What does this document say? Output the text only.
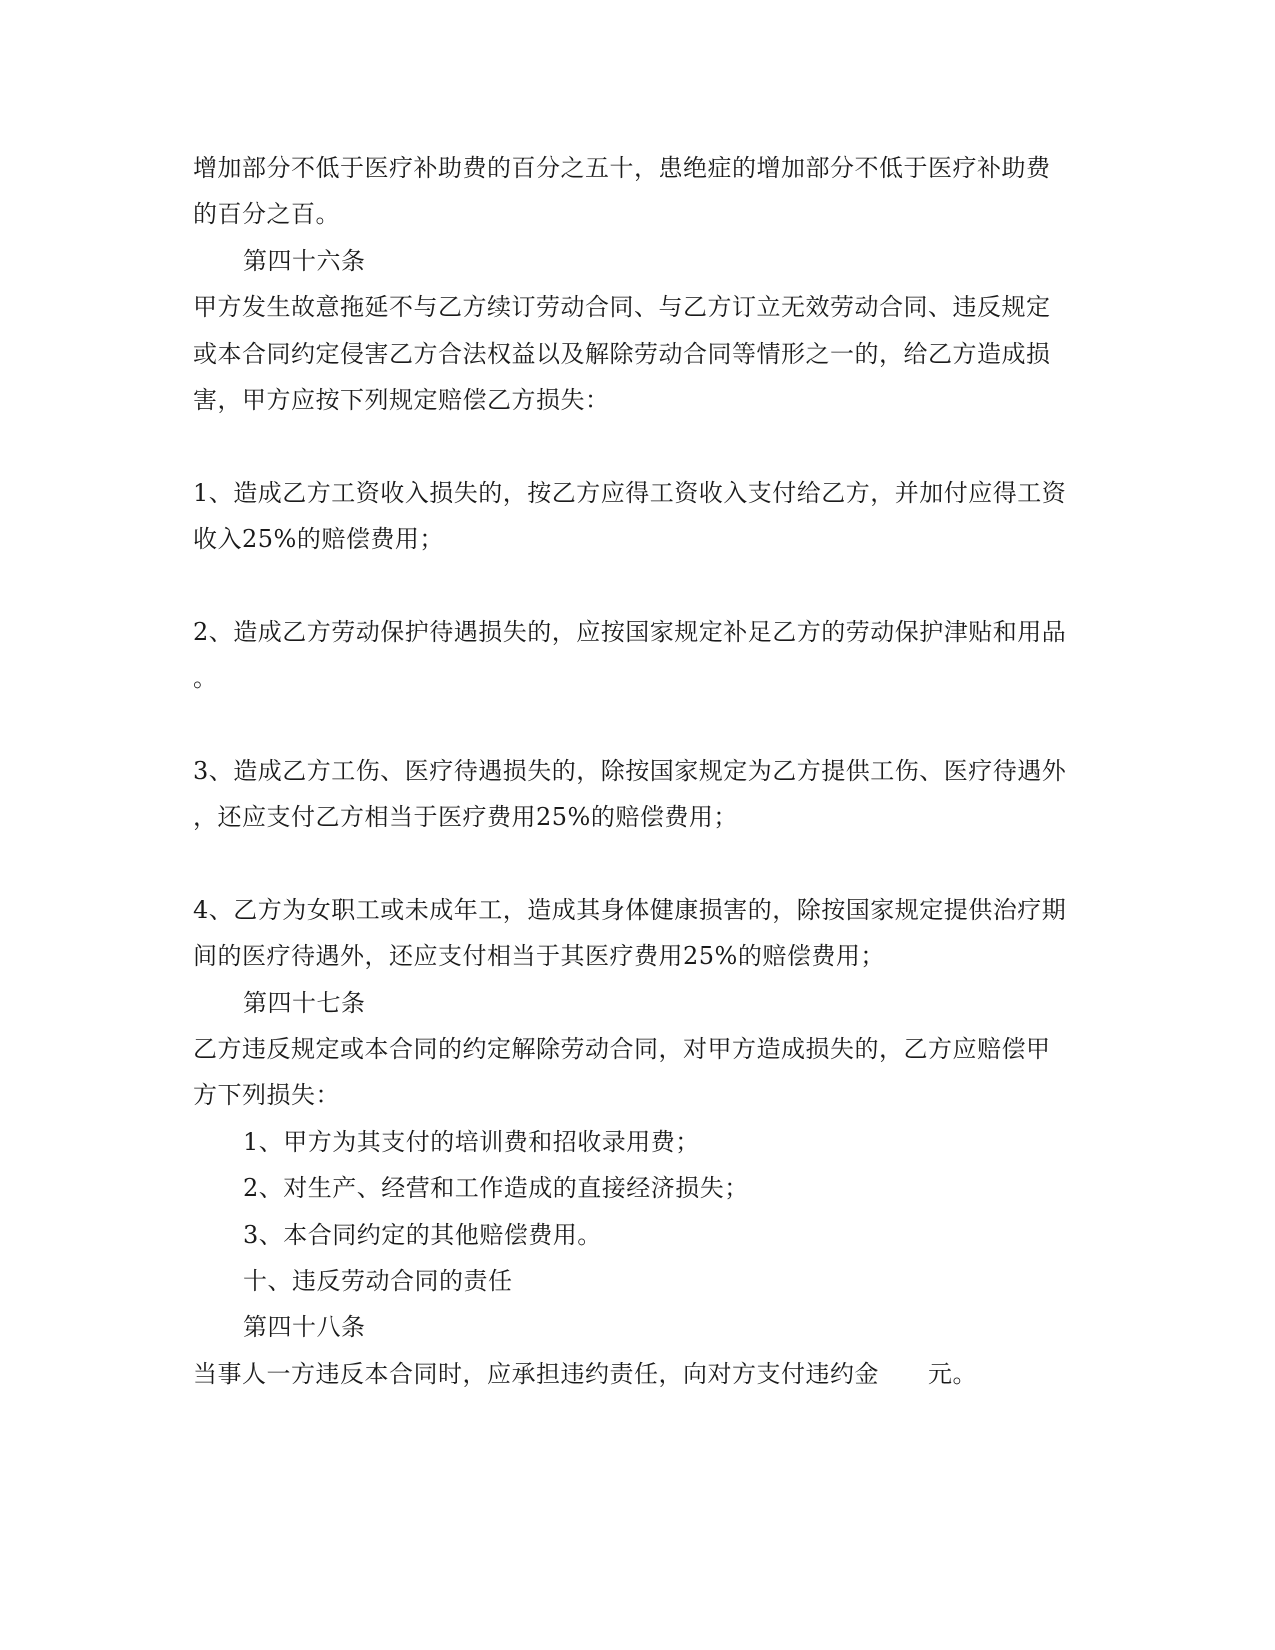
增加部分不低于医疗补助费的百分之五十，患绝症的增加部分不低于医疗补助费
的百分之百。
第四十六条
甲方发生故意拖延不与乙方续订劳动合同、与乙方订立无效劳动合同、违反规定
或本合同约定侵害乙方合法权益以及解除劳动合同等情形之一的，给乙方造成损
害，甲方应按下列规定赔偿乙方损失：
1、造成乙方工资收入损失的，按乙方应得工资收入支付给乙方，并加付应得工资
收入25%的赔偿费用；
2、造成乙方劳动保护待遇损失的，应按国家规定补足乙方的劳动保护津贴和用品
。
3、造成乙方工伤、医疗待遇损失的，除按国家规定为乙方提供工伤、医疗待遇外
，还应支付乙方相当于医疗费用25%的赔偿费用；
4、乙方为女职工或未成年工，造成其身体健康损害的，除按国家规定提供治疗期
间的医疗待遇外，还应支付相当于其医疗费用25%的赔偿费用；
第四十七条
乙方违反规定或本合同的约定解除劳动合同，对甲方造成损失的，乙方应赔偿甲
方下列损失：
1、甲方为其支付的培训费和招收录用费；
2、对生产、经营和工作造成的直接经济损失；
3、本合同约定的其他赔偿费用。
十、违反劳动合同的责任
第四十八条
当事人一方违反本合同时，应承担违约责任，向对方支付违约金　　元。
